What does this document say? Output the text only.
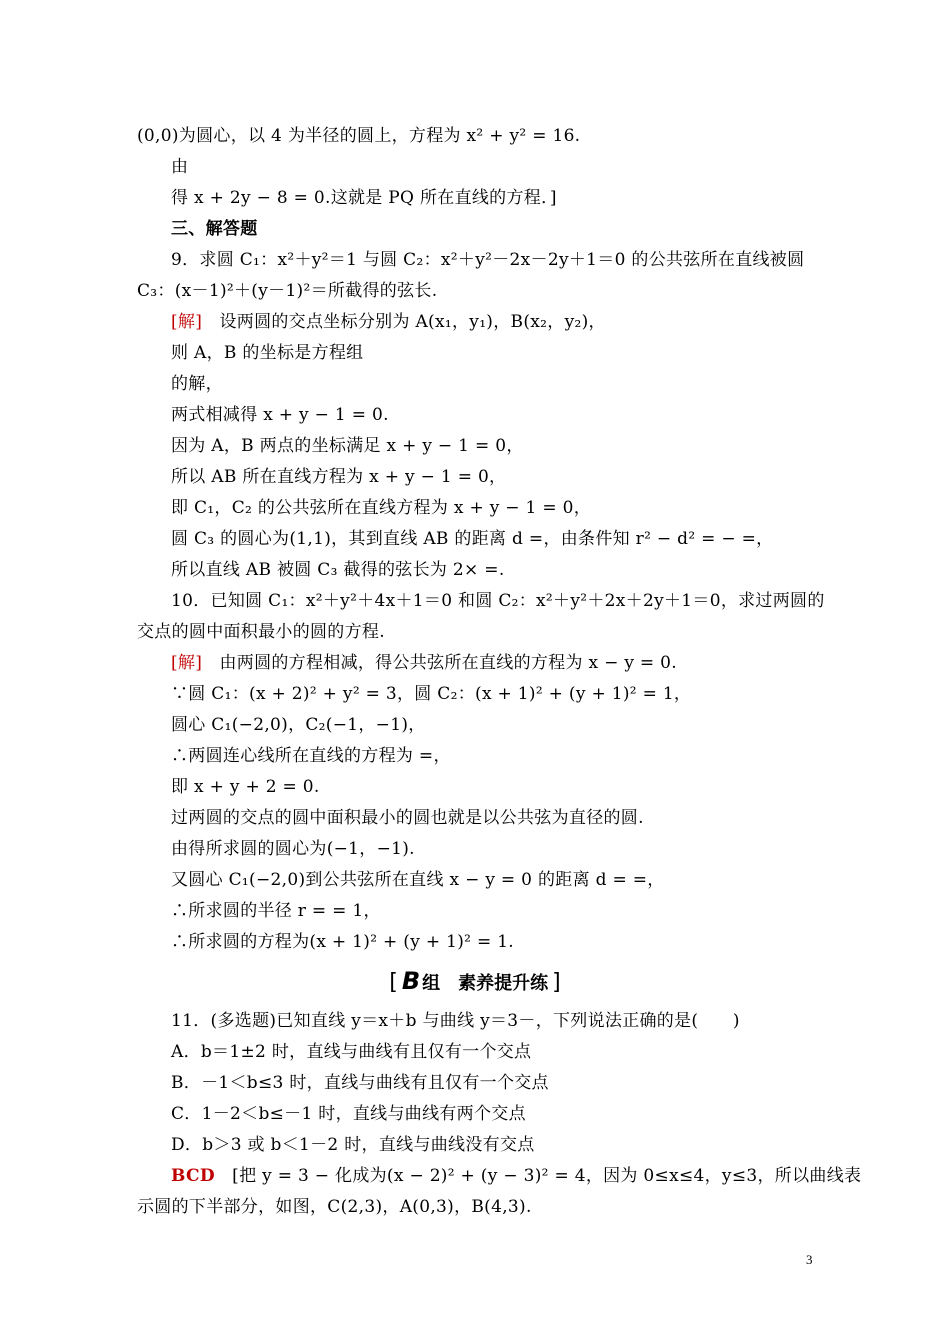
(0,0)为圆心，以 4 为半径的圆上，方程为 x² + y² = 16.
由
得 x + 2y − 8 = 0.这就是 PQ 所在直线的方程．]
三、解答题
9．求圆 C₁：x²＋y²＝1 与圆 C₂：x²＋y²－2x－2y＋1＝0 的公共弦所在直线被圆
C₃：(x－1)²＋(y－1)²＝所截得的弦长.
[解]　设两圆的交点坐标分别为 A(x₁，y₁)，B(x₂，y₂)，
则 A，B 的坐标是方程组
的解，
两式相减得 x + y − 1 = 0.
因为 A，B 两点的坐标满足 x + y − 1 = 0，
所以 AB 所在直线方程为 x + y − 1 = 0，
即 C₁，C₂ 的公共弦所在直线方程为 x + y − 1 = 0，
圆 C₃ 的圆心为(1,1)，其到直线 AB 的距离 d =，由条件知 r² − d² = − =，
所以直线 AB 被圆 C₃ 截得的弦长为 2× =.
10．已知圆 C₁：x²＋y²＋4x＋1＝0 和圆 C₂：x²＋y²＋2x＋2y＋1＝0，求过两圆的
交点的圆中面积最小的圆的方程.
[解]　由两圆的方程相减，得公共弦所在直线的方程为 x − y = 0.
∵圆 C₁：(x + 2)² + y² = 3，圆 C₂：(x + 1)² + (y + 1)² = 1，
圆心 C₁(−2,0)，C₂(−1，−1)，
∴两圆连心线所在直线的方程为 =，
即 x + y + 2 = 0.
过两圆的交点的圆中面积最小的圆也就是以公共弦为直径的圆.
由得所求圆的圆心为(−1，−1).
又圆心 C₁(−2,0)到公共弦所在直线 x − y = 0 的距离 d = =，
∴所求圆的半径 r = = 1，
∴所求圆的方程为(x + 1)² + (y + 1)² = 1.
11．(多选题)已知直线 y＝x＋b 与曲线 y＝3－，下列说法正确的是(　　)
A．b＝1±2 时，直线与曲线有且仅有一个交点
B．－1＜b≤3 时，直线与曲线有且仅有一个交点
C．1－2＜b≤－1 时，直线与曲线有两个交点
D．b＞3 或 b＜1－2 时，直线与曲线没有交点
BCD　[把 y = 3 − 化成为(x − 2)² + (y − 3)² = 4，因为 0≤x≤4，y≤3，所以曲线表
示圆的下半部分，如图，C(2,3)，A(0,3)，B(4,3).
[ B 组　素养提升练 ]
3
